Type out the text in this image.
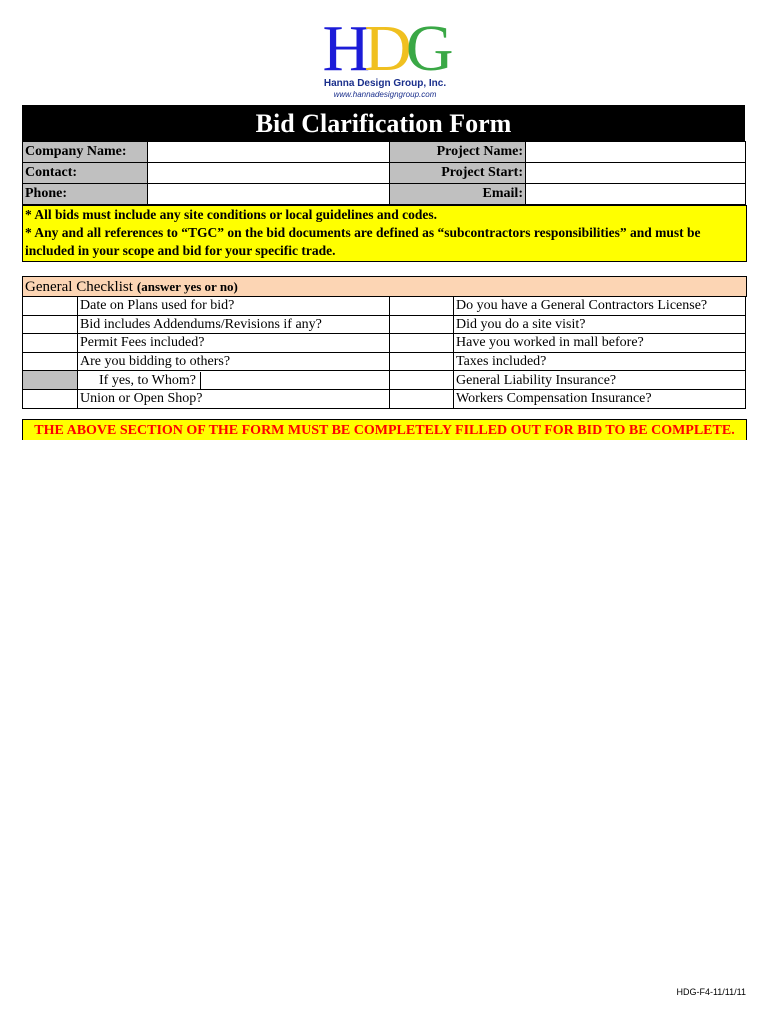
HDG
Hanna Design Group, Inc.
www.hannadesigngroup.com
Bid Clarification Form
Company Name:		Project Name:	
Contact:		Project Start:	
Phone:		Email:	
* All bids must include any site conditions or local guidelines and codes.
* Any and all references to “TGC” on the bid documents are defined as “subcontractors responsibilities” and must be included in your scope and bid for your specific trade.
General Checklist (answer yes or no)
	Date on Plans used for bid?		Do you have a General Contractors License?
	Bid includes Addendums/Revisions if any?		Did you do a site visit?
	Permit Fees included?		Have you worked in mall before?
	Are you bidding to others?		Taxes included?
	If yes, to Whom?		General Liability Insurance?
	Union or Open Shop?		Workers Compensation Insurance?
THE ABOVE SECTION OF THE FORM MUST BE COMPLETELY FILLED OUT FOR BID TO BE COMPLETE.
HDG-F4-11/11/11
